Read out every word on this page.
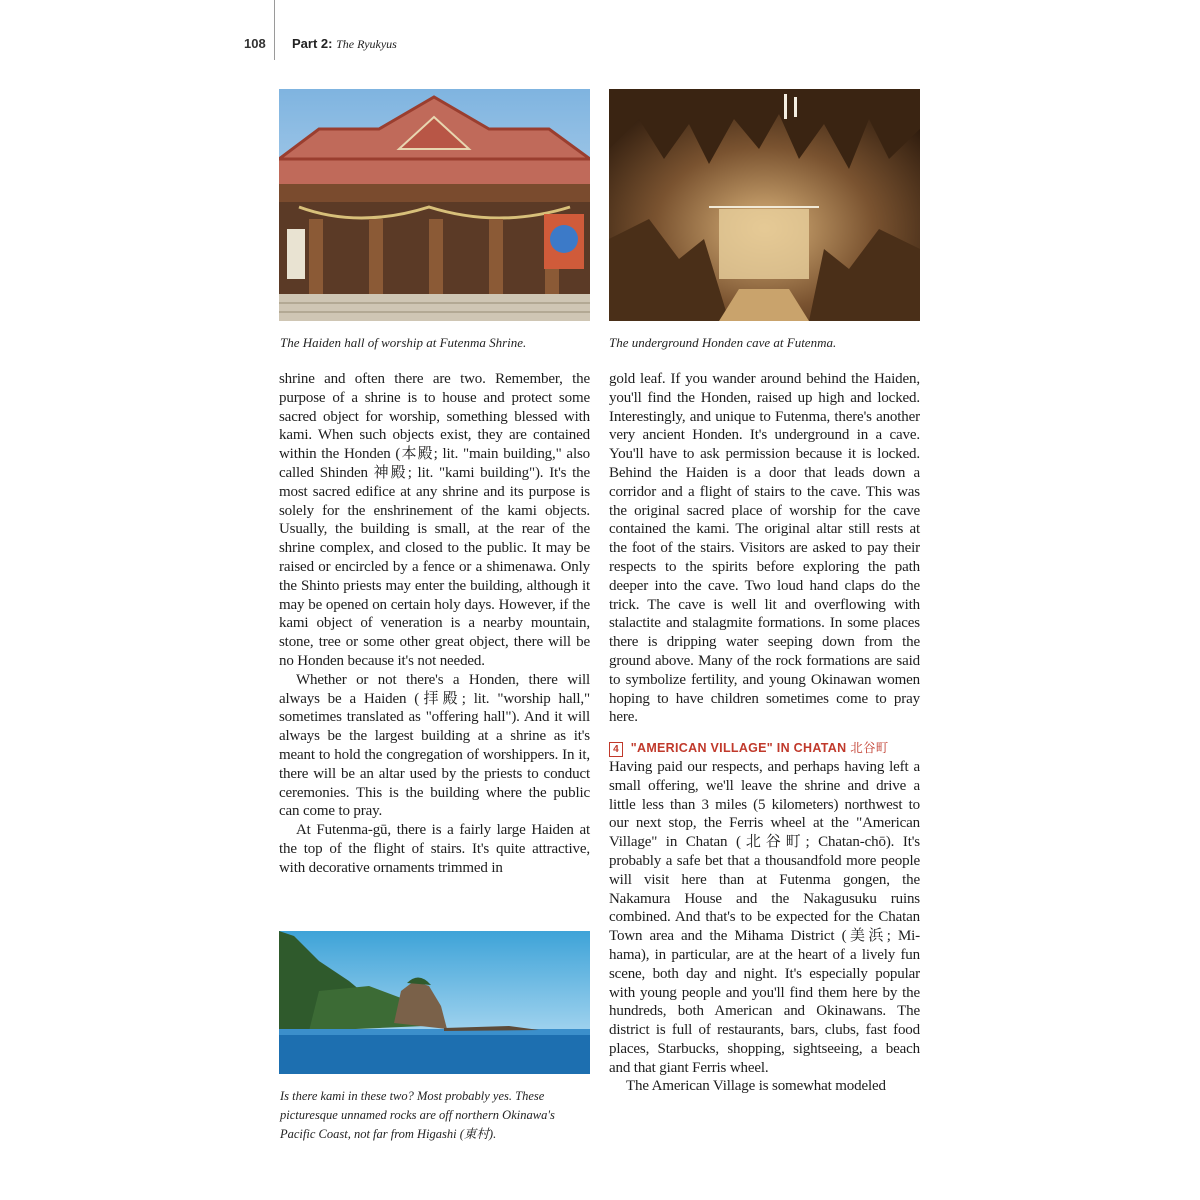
108 Part 2: The Ryukyus
The Haiden hall of worship at Futenma Shrine.	The underground Honden cave at Futenma.

shrine and often there are two. Remember, the purpose of a shrine is to house and protect some sacred object for worship, something blessed with kami. When such objects exist, they are contained within the Honden (本殿; lit. "main building," also called Shinden 神殿; lit. "kami building"). It's the most sacred edifice at any shrine and its purpose is solely for the enshrinement of the kami objects. Usually, the building is small, at the rear of the shrine complex, and closed to the public. It may be raised or encircled by a fence or a shimenawa. Only the Shinto priests may enter the building, although it may be opened on certain holy days. However, if the kami object of veneration is a nearby mountain, stone, tree or some other great object, there will be no Honden because it's not needed.

Whether or not there's a Honden, there will always be a Haiden (拝殿; lit. "worship hall," sometimes translated as "offering hall"). And it will always be the largest building at a shrine as it's meant to hold the congregation of worshippers. In it, there will be an altar used by the priests to conduct ceremonies. This is the building where the public can come to pray.

At Futenma-gū, there is a fairly large Haiden at the top of the flight of stairs. It's quite attractive, with decorative ornaments trimmed in

Is there kami in these two? Most probably yes. These picturesque unnamed rocks are off northern Okinawa's Pacific Coast, not far from Higashi (東村).

gold leaf. If you wander around behind the Haiden, you'll find the Honden, raised up high and locked. Interestingly, and unique to Futenma, there's another very ancient Honden. It's underground in a cave. You'll have to ask permission because it is locked. Behind the Haiden is a door that leads down a corridor and a flight of stairs to the cave. This was the original sacred place of worship for the cave contained the kami. The original altar still rests at the foot of the stairs. Visitors are asked to pay their respects to the spirits before exploring the path deeper into the cave. Two loud hand claps do the trick. The cave is well lit and overflowing with stalactite and stalagmite formations. In some places there is dripping water seeping down from the ground above. Many of the rock formations are said to symbolize fertility, and young Okinawan women hoping to have children sometimes come to pray here.

4 "AMERICAN VILLAGE" IN CHATAN 北谷町

Having paid our respects, and perhaps having left a small offering, we'll leave the shrine and drive a little less than 3 miles (5 kilometers) northwest to our next stop, the Ferris wheel at the "American Village" in Chatan (北谷町; Chatan-chō). It's probably a safe bet that a thousandfold more people will visit here than at Futenma gongen, the Nakamura House and the Nakagusuku ruins combined. And that's to be expected for the Chatan Town area and the Mihama District (美浜; Mi-hama), in particular, are at the heart of a lively fun scene, both day and night. It's especially popular with young people and you'll find them here by the hundreds, both American and Okinawans. The district is full of restaurants, bars, clubs, fast food places, Starbucks, shopping, sightseeing, a beach and that giant Ferris wheel.

The American Village is somewhat modeled
